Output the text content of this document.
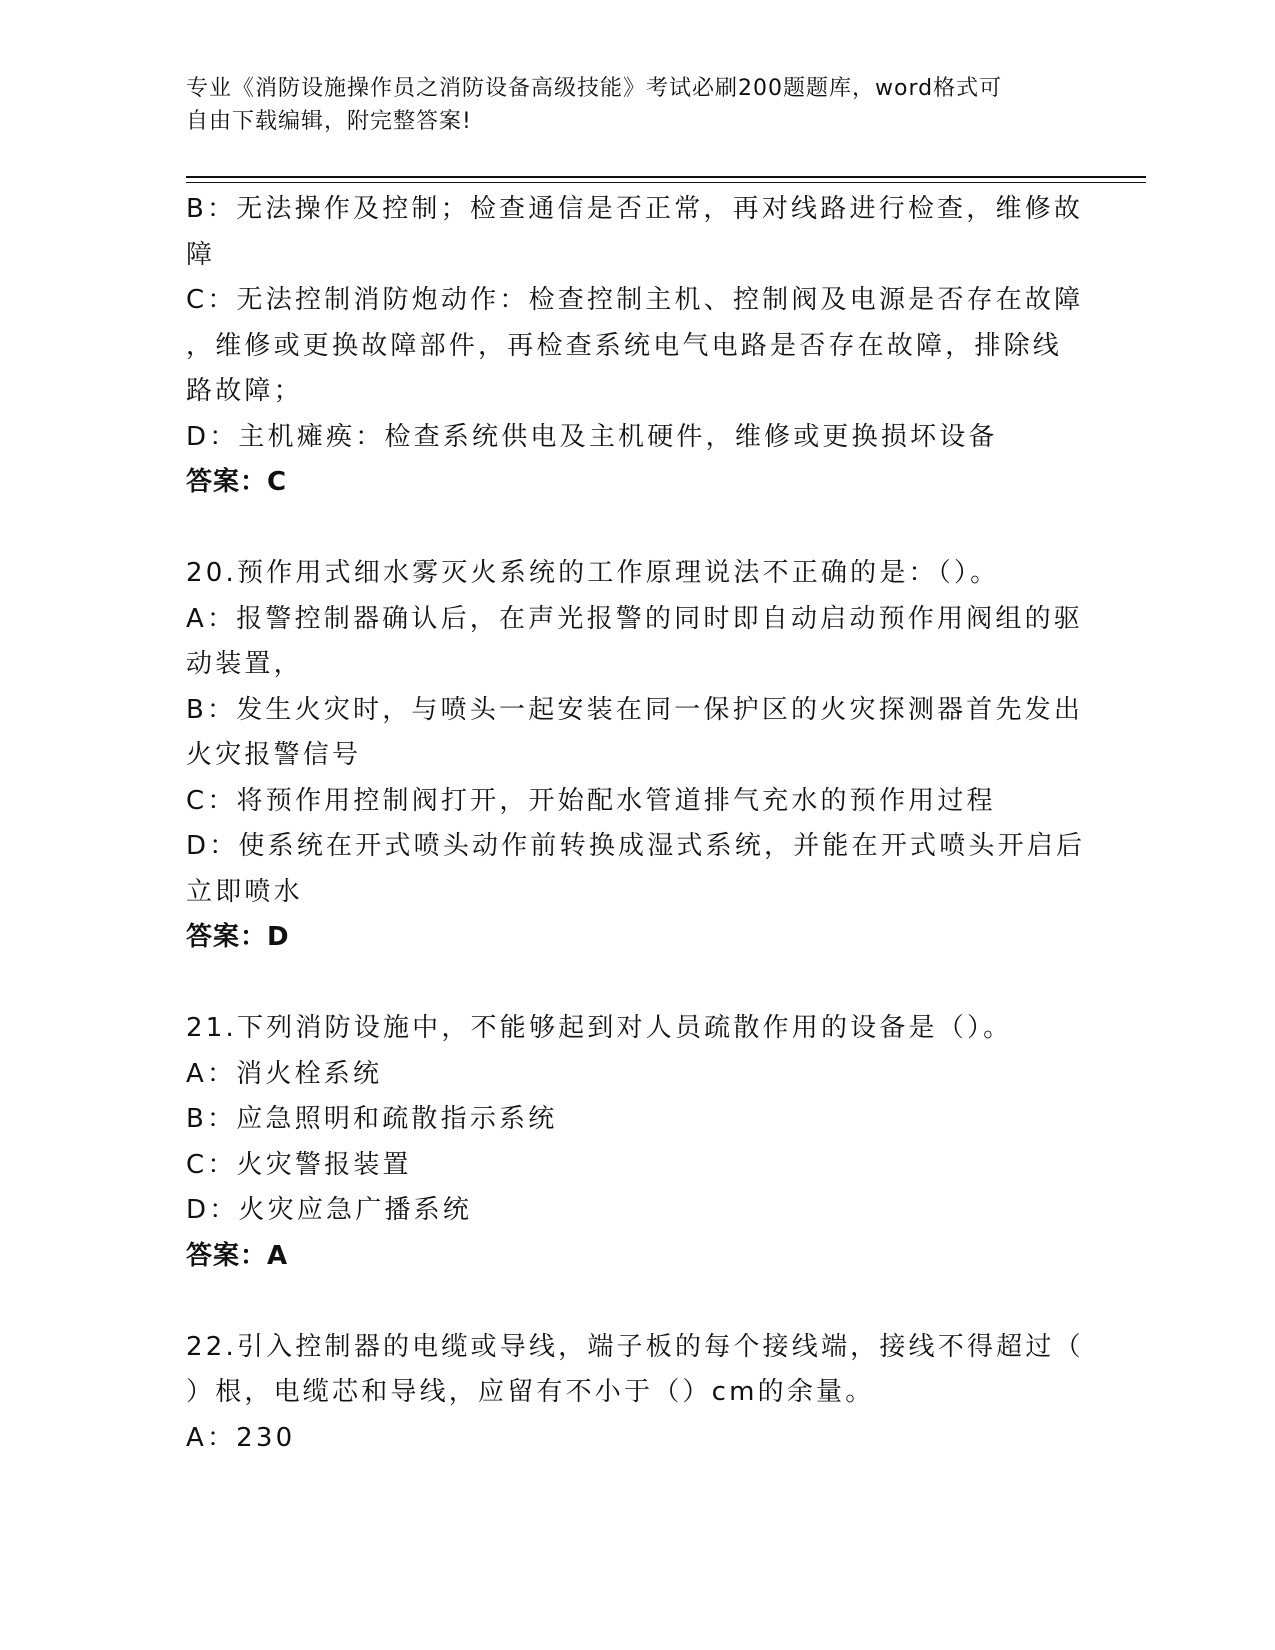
专业《消防设施操作员之消防设备高级技能》考试必刷200题题库，word格式可
自由下载编辑，附完整答案!
B：无法操作及控制；检查通信是否正常，再对线路进行检查，维修故
障
C：无法控制消防炮动作：检查控制主机、控制阀及电源是否存在故障
，维修或更换故障部件，再检查系统电气电路是否存在故障，排除线
路故障；
D：主机瘫痪：检查系统供电及主机硬件，维修或更换损坏设备
答案：C
20.预作用式细水雾灭火系统的工作原理说法不正确的是：（）。
A：报警控制器确认后，在声光报警的同时即自动启动预作用阀组的驱
动装置，
B：发生火灾时，与喷头一起安装在同一保护区的火灾探测器首先发出
火灾报警信号
C：将预作用控制阀打开，开始配水管道排气充水的预作用过程
D：使系统在开式喷头动作前转换成湿式系统，并能在开式喷头开启后
立即喷水
答案：D
21.下列消防设施中，不能够起到对人员疏散作用的设备是（）。
A：消火栓系统
B：应急照明和疏散指示系统
C：火灾警报装置
D：火灾应急广播系统
答案：A
22.引入控制器的电缆或导线，端子板的每个接线端，接线不得超过（
）根，电缆芯和导线，应留有不小于（）cm的余量。
A：230
